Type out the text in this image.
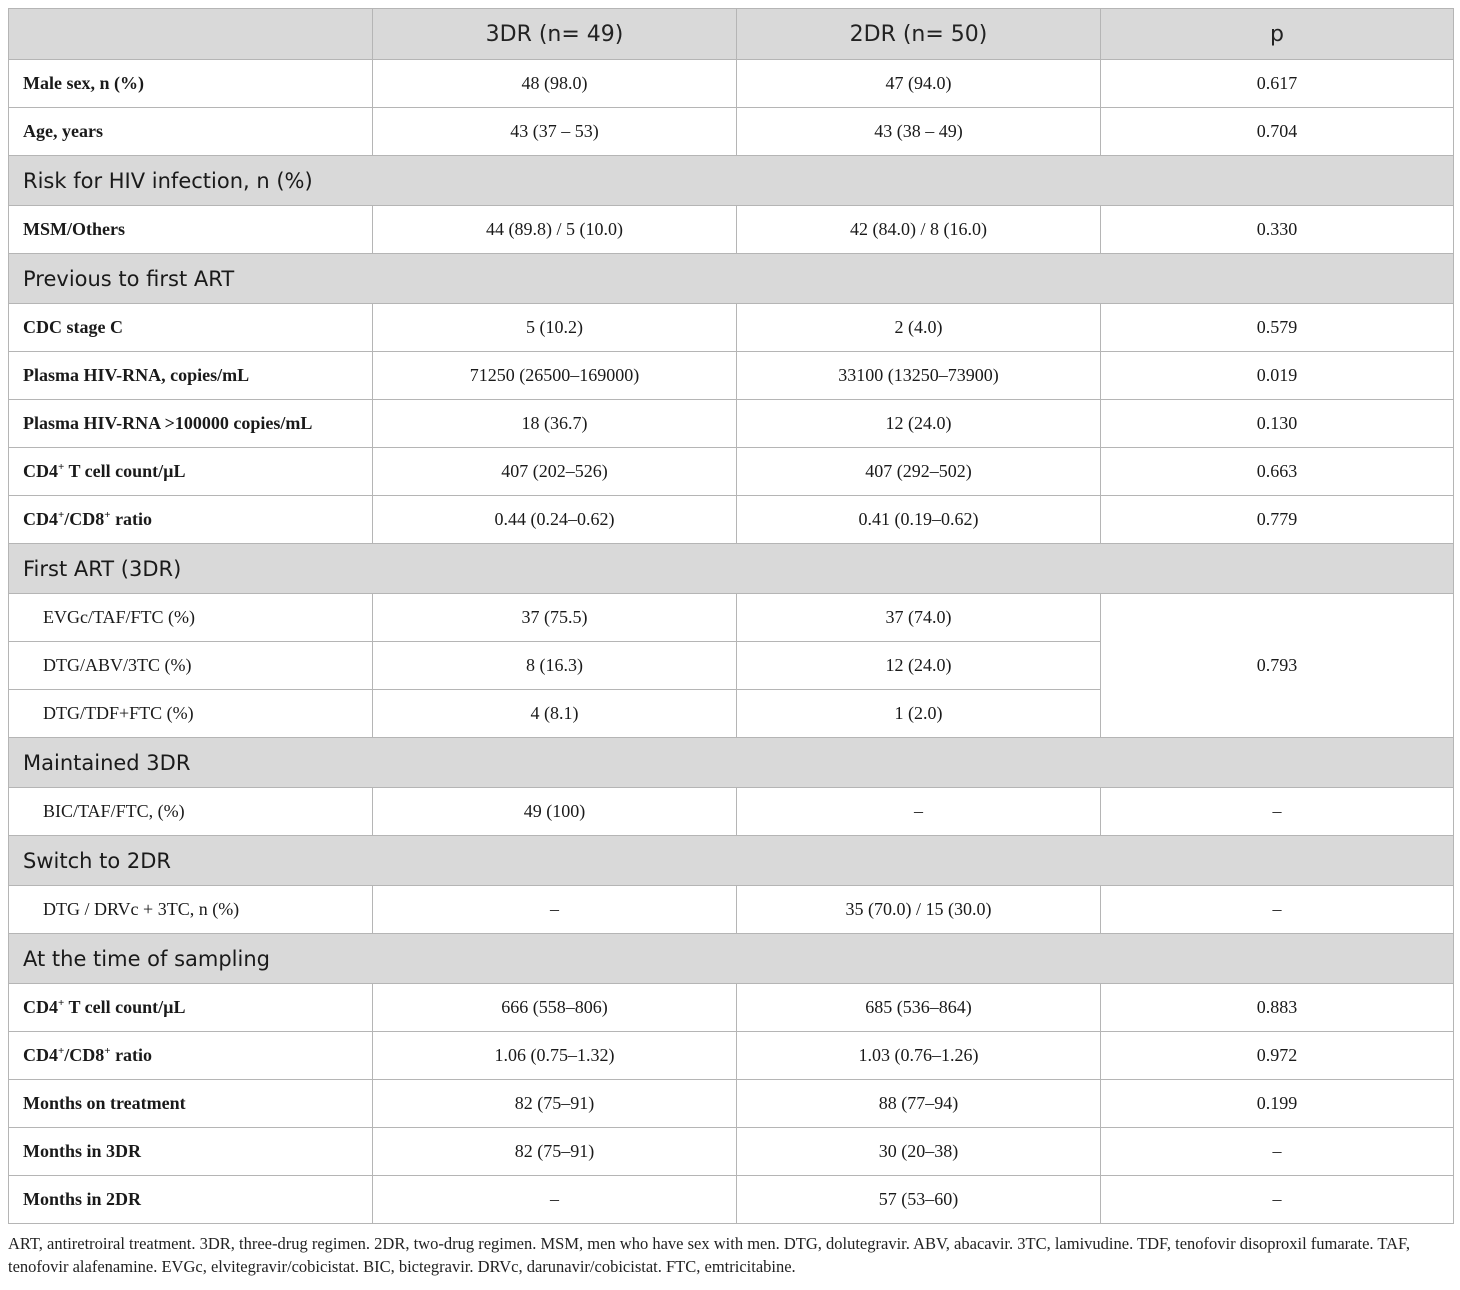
	3DR (n= 49)	2DR (n= 50)	p
Male sex, n (%)	48 (98.0)	47 (94.0)	0.617
Age, years	43 (37 – 53)	43 (38 – 49)	0.704
Risk for HIV infection, n (%)			
MSM/Others	44 (89.8) / 5 (10.0)	42 (84.0) / 8 (16.0)	0.330
Previous to first ART			
CDC stage C	5 (10.2)	2 (4.0)	0.579
Plasma HIV-RNA, copies/mL	71250 (26500–169000)	33100 (13250–73900)	0.019
Plasma HIV-RNA >100000 copies/mL	18 (36.7)	12 (24.0)	0.130
CD4+ T cell count/µL	407 (202–526)	407 (292–502)	0.663
CD4+/CD8+ ratio	0.44 (0.24–0.62)	0.41 (0.19–0.62)	0.779
First ART (3DR)			
EVGc/TAF/FTC (%)	37 (75.5)	37 (74.0)	0.793
DTG/ABV/3TC (%)	8 (16.3)	12 (24.0)	
DTG/TDF+FTC (%)	4 (8.1)	1 (2.0)	
Maintained 3DR			
BIC/TAF/FTC, (%)	49 (100)	–	–
Switch to 2DR			
DTG / DRVc + 3TC, n (%)	–	35 (70.0) / 15 (30.0)	–
At the time of sampling			
CD4+ T cell count/µL	666 (558–806)	685 (536–864)	0.883
CD4+/CD8+ ratio	1.06 (0.75–1.32)	1.03 (0.76–1.26)	0.972
Months on treatment	82 (75–91)	88 (77–94)	0.199
Months in 3DR	82 (75–91)	30 (20–38)	–
Months in 2DR	–	57 (53–60)	–
ART, antiretroiral treatment. 3DR, three-drug regimen. 2DR, two-drug regimen. MSM, men who have sex with men. DTG, dolutegravir. ABV, abacavir. 3TC, lamivudine. TDF, tenofovir disoproxil fumarate. TAF, tenofovir alafenamine. EVGc, elvitegravir/cobicistat. BIC, bictegravir. DRVc, darunavir/cobicistat. FTC, emtricitabine.
